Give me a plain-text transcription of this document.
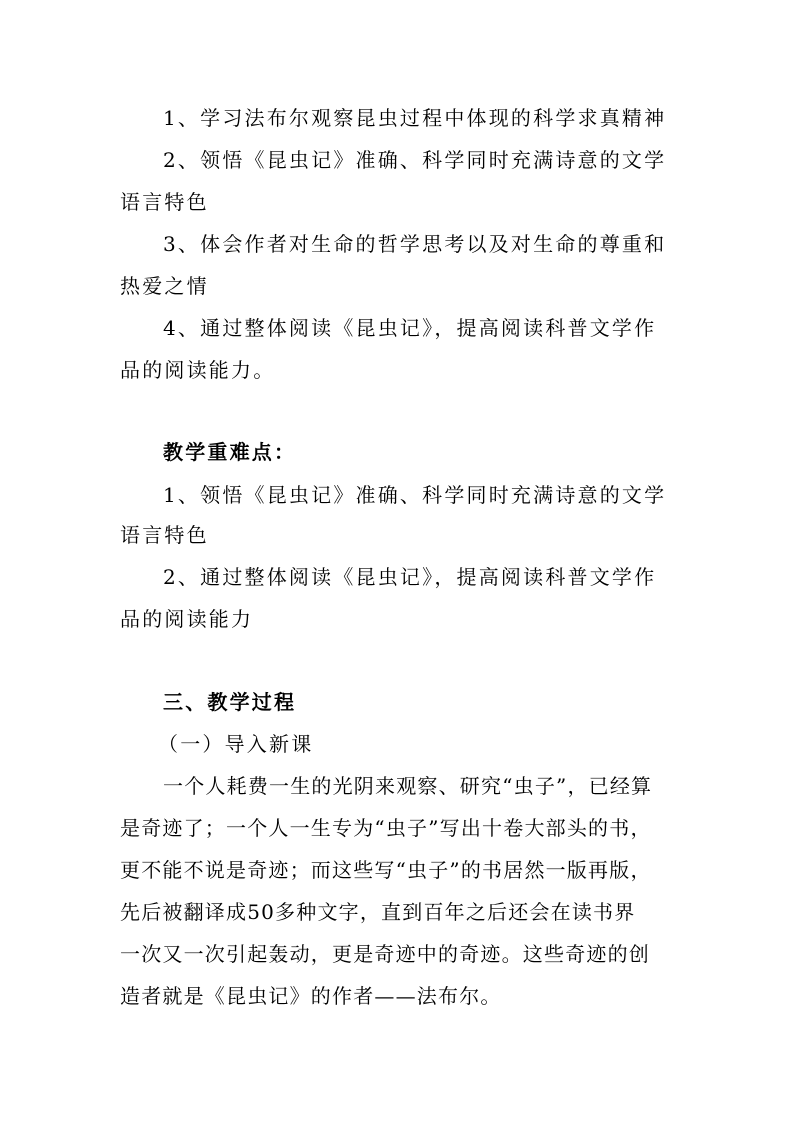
1、学习法布尔观察昆虫过程中体现的科学求真精神
2、领悟《昆虫记》准确、科学同时充满诗意的文学
语言特色
3、体会作者对生命的哲学思考以及对生命的尊重和
热爱之情
4、通过整体阅读《昆虫记》，提高阅读科普文学作
品的阅读能力。
教学重难点：
1、领悟《昆虫记》准确、科学同时充满诗意的文学
语言特色
2、通过整体阅读《昆虫记》，提高阅读科普文学作
品的阅读能力
三、教学过程
（一）导入新课
一个人耗费一生的光阴来观察、研究“虫子”，已经算
是奇迹了；一个人一生专为“虫子”写出十卷大部头的书，
更不能不说是奇迹；而这些写“虫子”的书居然一版再版，
先后被翻译成50多种文字，直到百年之后还会在读书界
一次又一次引起轰动，更是奇迹中的奇迹。这些奇迹的创
造者就是《昆虫记》的作者——法布尔。
